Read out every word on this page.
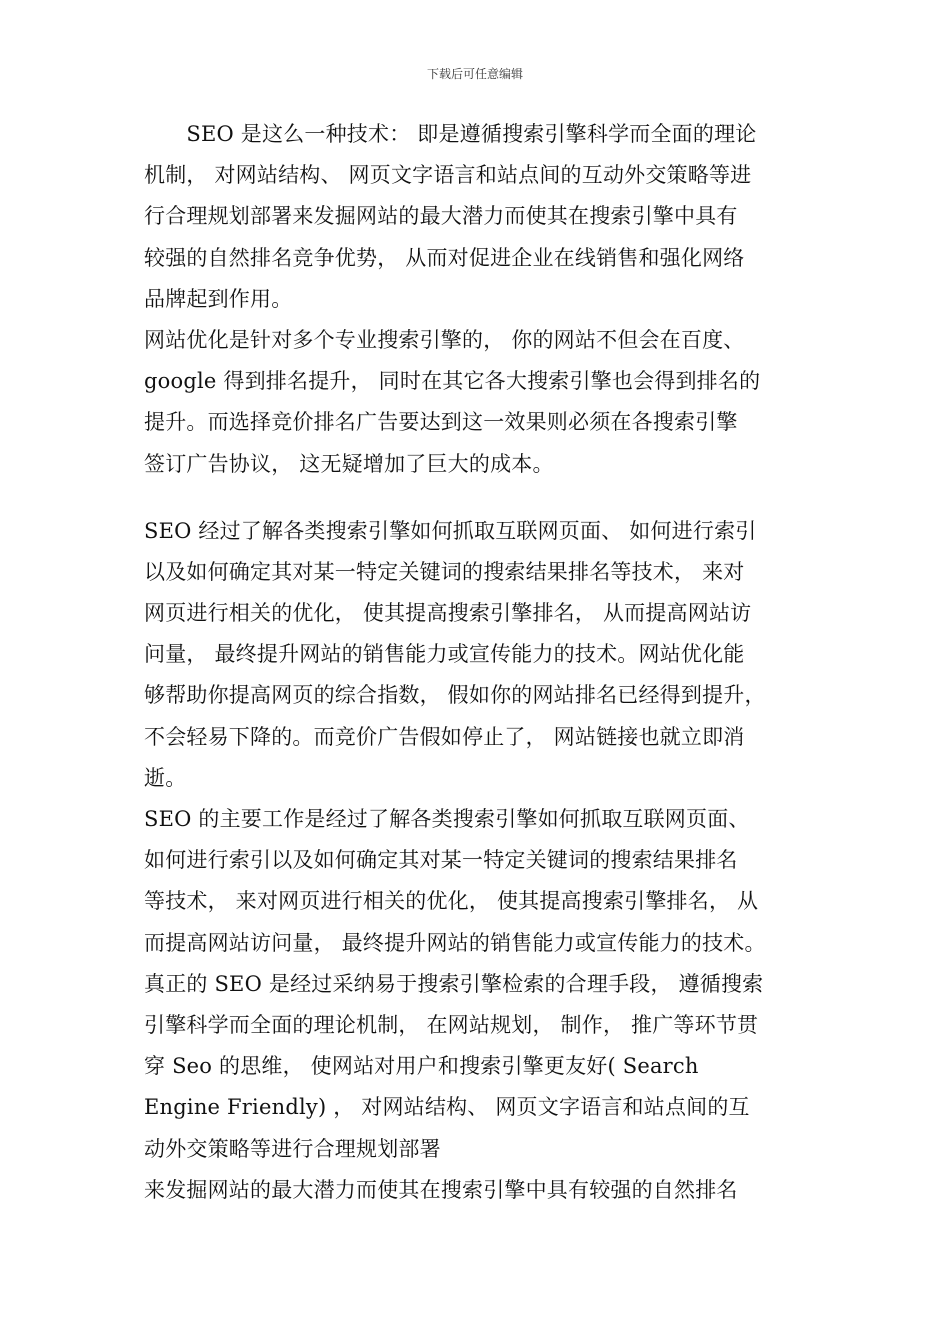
下载后可任意编辑
　　SEO 是这么一种技术： 即是遵循搜索引擎科学而全面的理论
机制， 对网站结构、 网页文字语言和站点间的互动外交策略等进
行合理规划部署来发掘网站的最大潜力而使其在搜索引擎中具有
较强的自然排名竞争优势， 从而对促进企业在线销售和强化网络
品牌起到作用。
网站优化是针对多个专业搜索引擎的， 你的网站不但会在百度、
google 得到排名提升， 同时在其它各大搜索引擎也会得到排名的
提升。而选择竞价排名广告要达到这一效果则必须在各搜索引擎
签订广告协议， 这无疑增加了巨大的成本。
SEO 经过了解各类搜索引擎如何抓取互联网页面、 如何进行索引
以及如何确定其对某一特定关键词的搜索结果排名等技术， 来对
网页进行相关的优化， 使其提高搜索引擎排名， 从而提高网站访
问量， 最终提升网站的销售能力或宣传能力的技术。网站优化能
够帮助你提高网页的综合指数， 假如你的网站排名已经得到提升，
不会轻易下降的。而竞价广告假如停止了， 网站链接也就立即消
逝。
SEO 的主要工作是经过了解各类搜索引擎如何抓取互联网页面、
如何进行索引以及如何确定其对某一特定关键词的搜索结果排名
等技术， 来对网页进行相关的优化， 使其提高搜索引擎排名， 从
而提高网站访问量， 最终提升网站的销售能力或宣传能力的技术。
真正的 SEO 是经过采纳易于搜索引擎检索的合理手段， 遵循搜索
引擎科学而全面的理论机制， 在网站规划， 制作， 推广等环节贯
穿 Seo 的思维， 使网站对用户和搜索引擎更友好( Search
Engine Friendly) ， 对网站结构、 网页文字语言和站点间的互
动外交策略等进行合理规划部署
来发掘网站的最大潜力而使其在搜索引擎中具有较强的自然排名
